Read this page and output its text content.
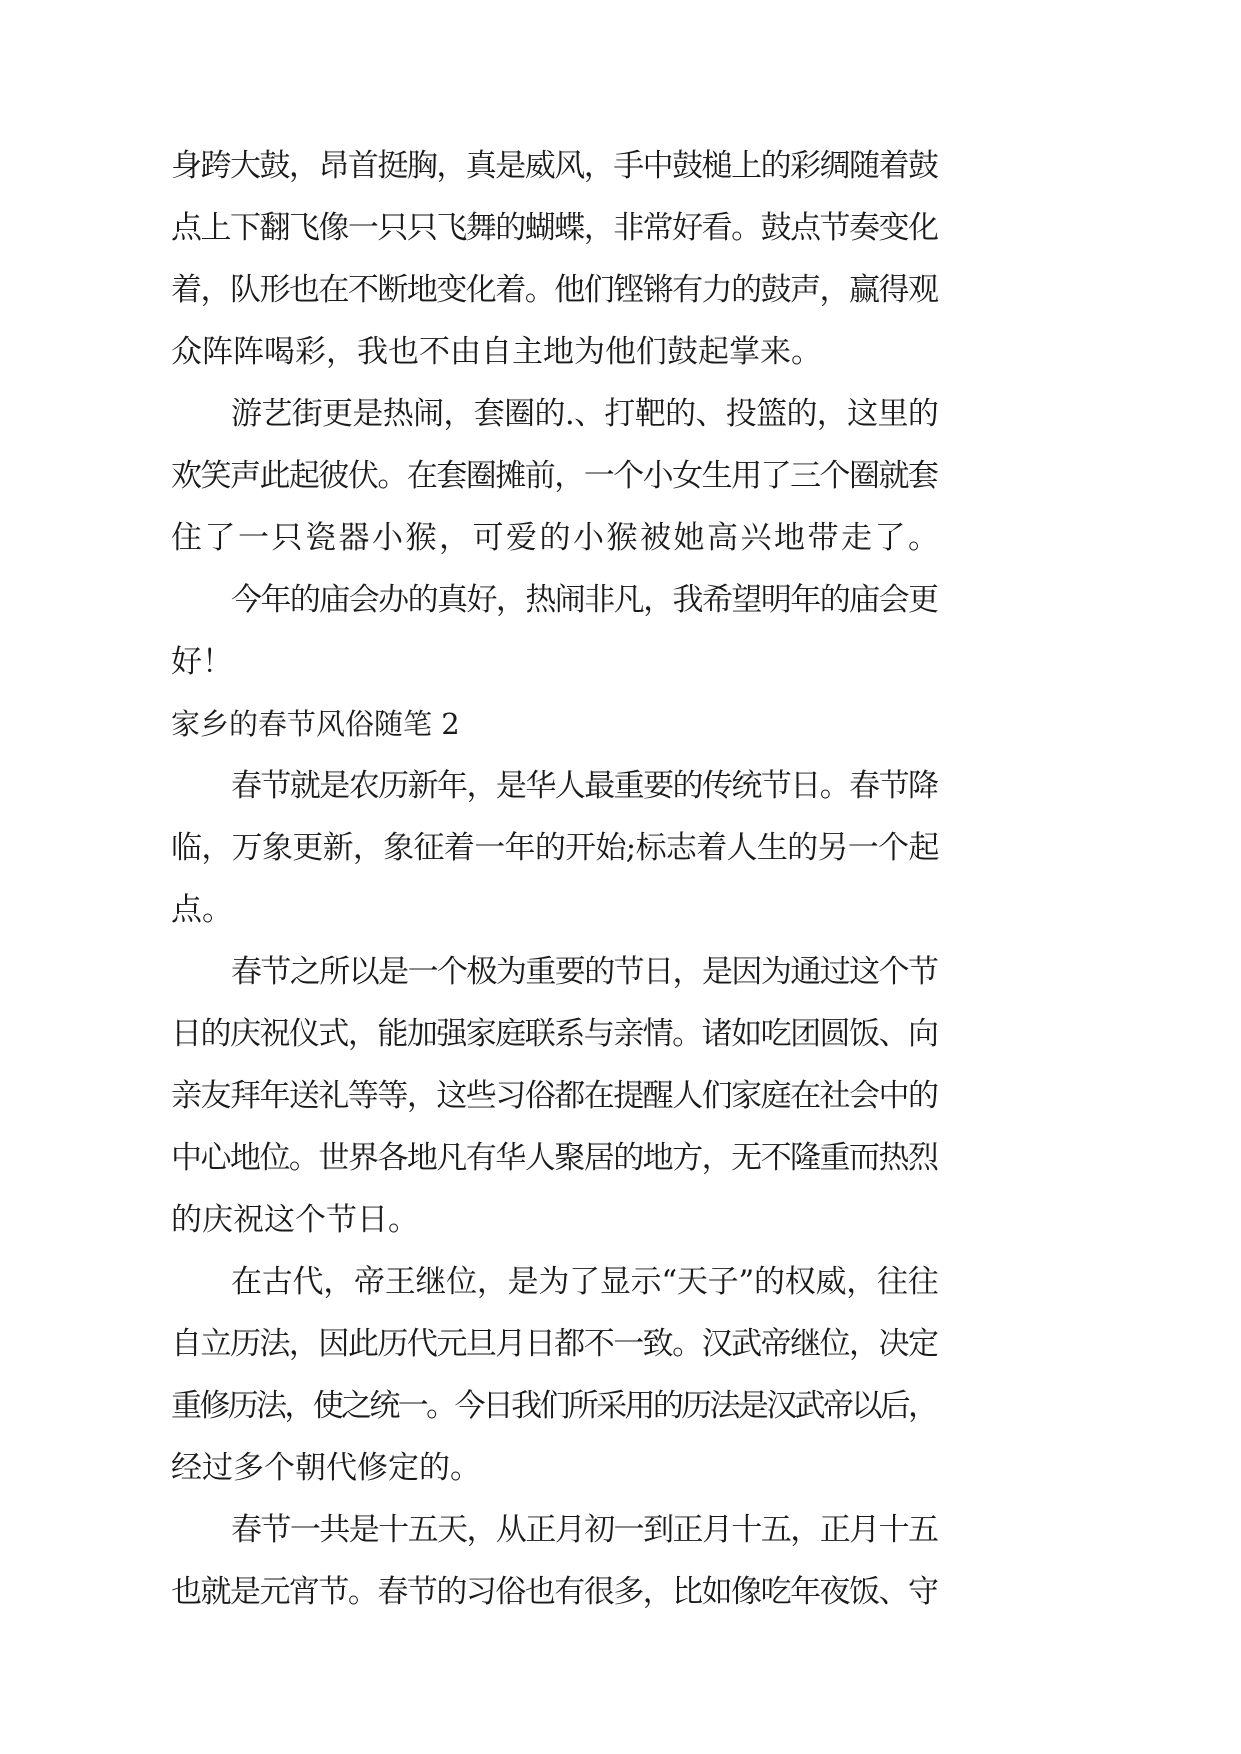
身跨大鼓，昂首挺胸，真是威风，手中鼓槌上的彩绸随着鼓

点上下翻飞像一只只飞舞的蝴蝶，非常好看。鼓点节奏变化

着，队形也在不断地变化着。他们铿锵有力的鼓声，赢得观

众阵阵喝彩，我也不由自主地为他们鼓起掌来。

游艺街更是热闹，套圈的.、打靶的、投篮的，这里的

欢笑声此起彼伏。在套圈摊前，一个小女生用了三个圈就套

住了一只瓷器小猴，可爱的小猴被她高兴地带走了。

今年的庙会办的真好，热闹非凡，我希望明年的庙会更

好！

家乡的春节风俗随笔 2

春节就是农历新年，是华人最重要的传统节日。春节降

临，万象更新，象征着一年的开始;标志着人生的另一个起

点。

春节之所以是一个极为重要的节日，是因为通过这个节

日的庆祝仪式，能加强家庭联系与亲情。诸如吃团圆饭、向

亲友拜年送礼等等，这些习俗都在提醒人们家庭在社会中的

中心地位。世界各地凡有华人聚居的地方，无不隆重而热烈

的庆祝这个节日。

在古代，帝王继位，是为了显示“天子”的权威，往往

自立历法，因此历代元旦月日都不一致。汉武帝继位，决定

重修历法，使之统一。今日我们所采用的历法是汉武帝以后，

经过多个朝代修定的。

春节一共是十五天，从正月初一到正月十五，正月十五

也就是元宵节。春节的习俗也有很多，比如像吃年夜饭、守
